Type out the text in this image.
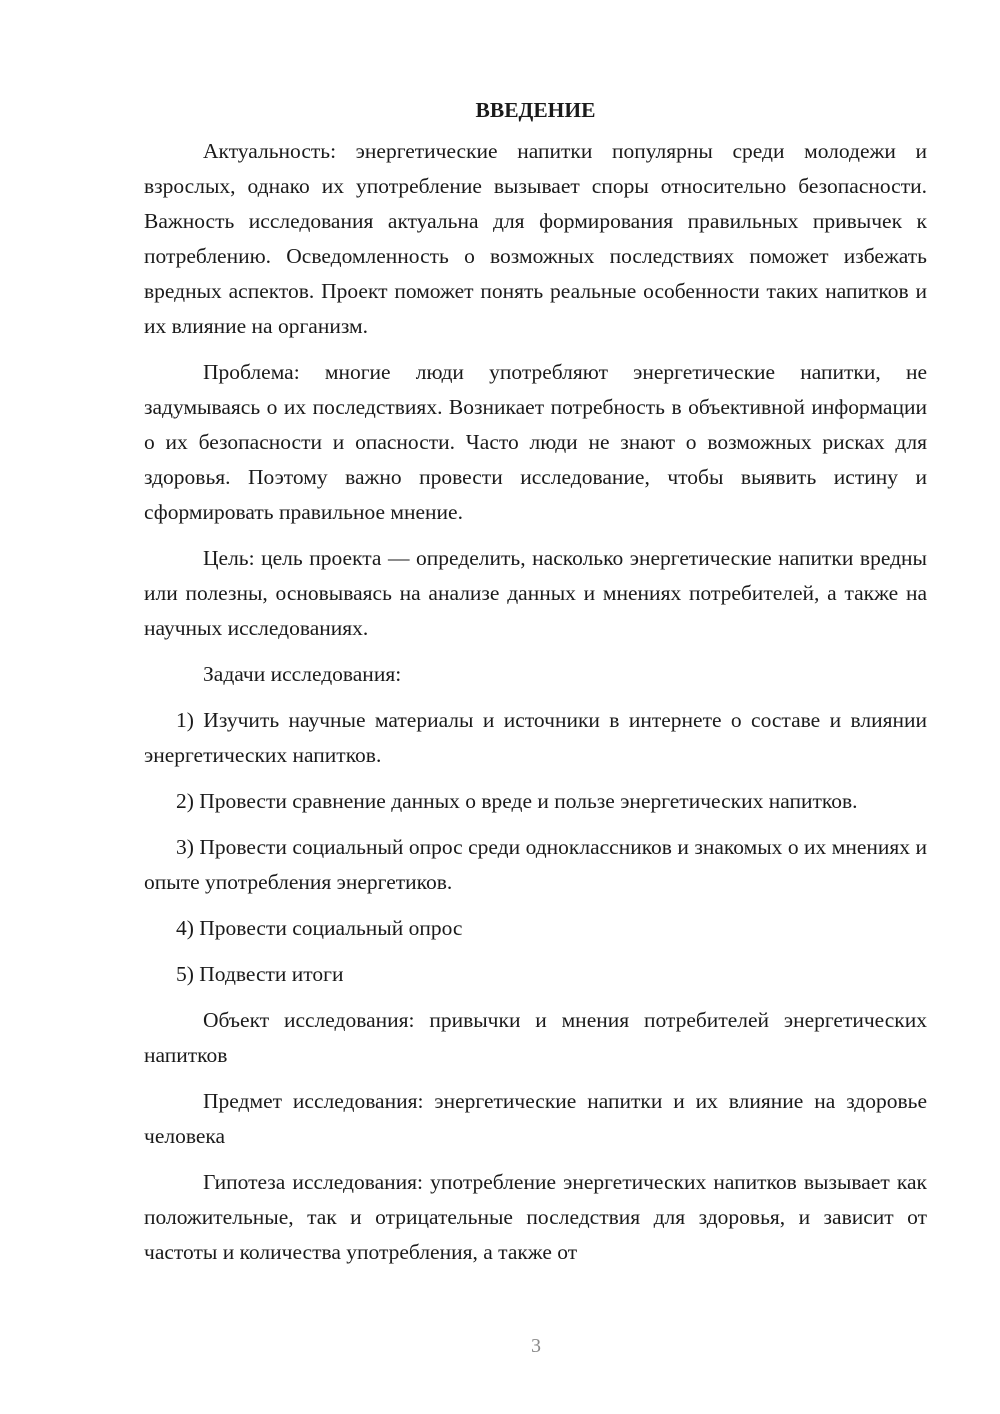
ВВЕДЕНИЕ

Актуальность: энергетические напитки популярны среди молодежи и взрослых, однако их употребление вызывает споры относительно безопасности. Важность исследования актуальна для формирования правильных привычек к потреблению. Осведомленность о возможных последствиях поможет избежать вредных аспектов. Проект поможет понять реальные особенности таких напитков и их влияние на организм.

Проблема: многие люди употребляют энергетические напитки, не задумываясь о их последствиях. Возникает потребность в объективной информации о их безопасности и опасности. Часто люди не знают о возможных рисках для здоровья. Поэтому важно провести исследование, чтобы выявить истину и сформировать правильное мнение.

Цель: цель проекта — определить, насколько энергетические напитки вредны или полезны, основываясь на анализе данных и мнениях потребителей, а также на научных исследованиях.

Задачи исследования:

1) Изучить научные материалы и источники в интернете о составе и влиянии энергетических напитков.

2) Провести сравнение данных о вреде и пользе энергетических напитков.

3) Провести социальный опрос среди одноклассников и знакомых о их мнениях и опыте употребления энергетиков.

4) Провести социальный опрос

5) Подвести итоги

Объект исследования: привычки и мнения потребителей энергетических напитков

Предмет исследования: энергетические напитки и их влияние на здоровье человека

Гипотеза исследования: употребление энергетических напитков вызывает как положительные, так и отрицательные последствия для здоровья, и зависит от частоты и количества употребления, а также от

3
